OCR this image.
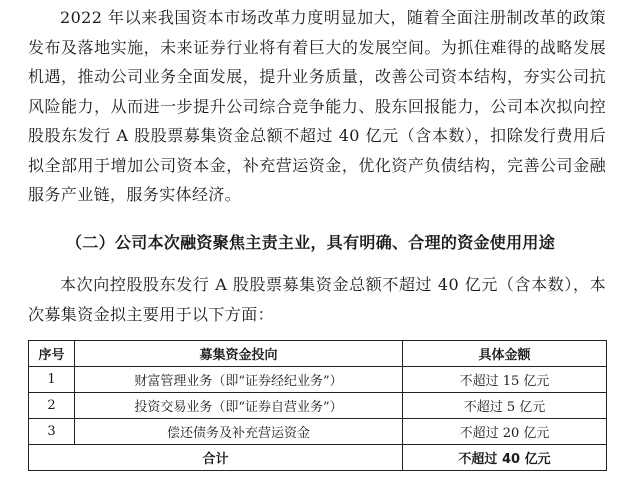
2022 年以来我国资本市场改革力度明显加大，随着全面注册制改革的政策发布及落地实施，未来证券行业将有着巨大的发展空间。为抓住难得的战略发展机遇，推动公司业务全面发展，提升业务质量，改善公司资本结构，夯实公司抗风险能力，从而进一步提升公司综合竞争能力、股东回报能力，公司本次拟向控股股东发行 A 股股票募集资金总额不超过 40 亿元（含本数），扣除发行费用后拟全部用于增加公司资本金，补充营运资金，优化资产负债结构，完善公司金融服务产业链，服务实体经济。

（二）公司本次融资聚焦主责主业，具有明确、合理的资金使用用途

本次向控股股东发行 A 股股票募集资金总额不超过 40 亿元（含本数），本次募集资金拟主要用于以下方面：

序号	募集资金投向	具体金额
1	财富管理业务（即“证券经纪业务”）	不超过 15 亿元
2	投资交易业务（即“证券自营业务”）	不超过 5 亿元
3	偿还债务及补充营运资金	不超过 20 亿元
合计		不超过 40 亿元
